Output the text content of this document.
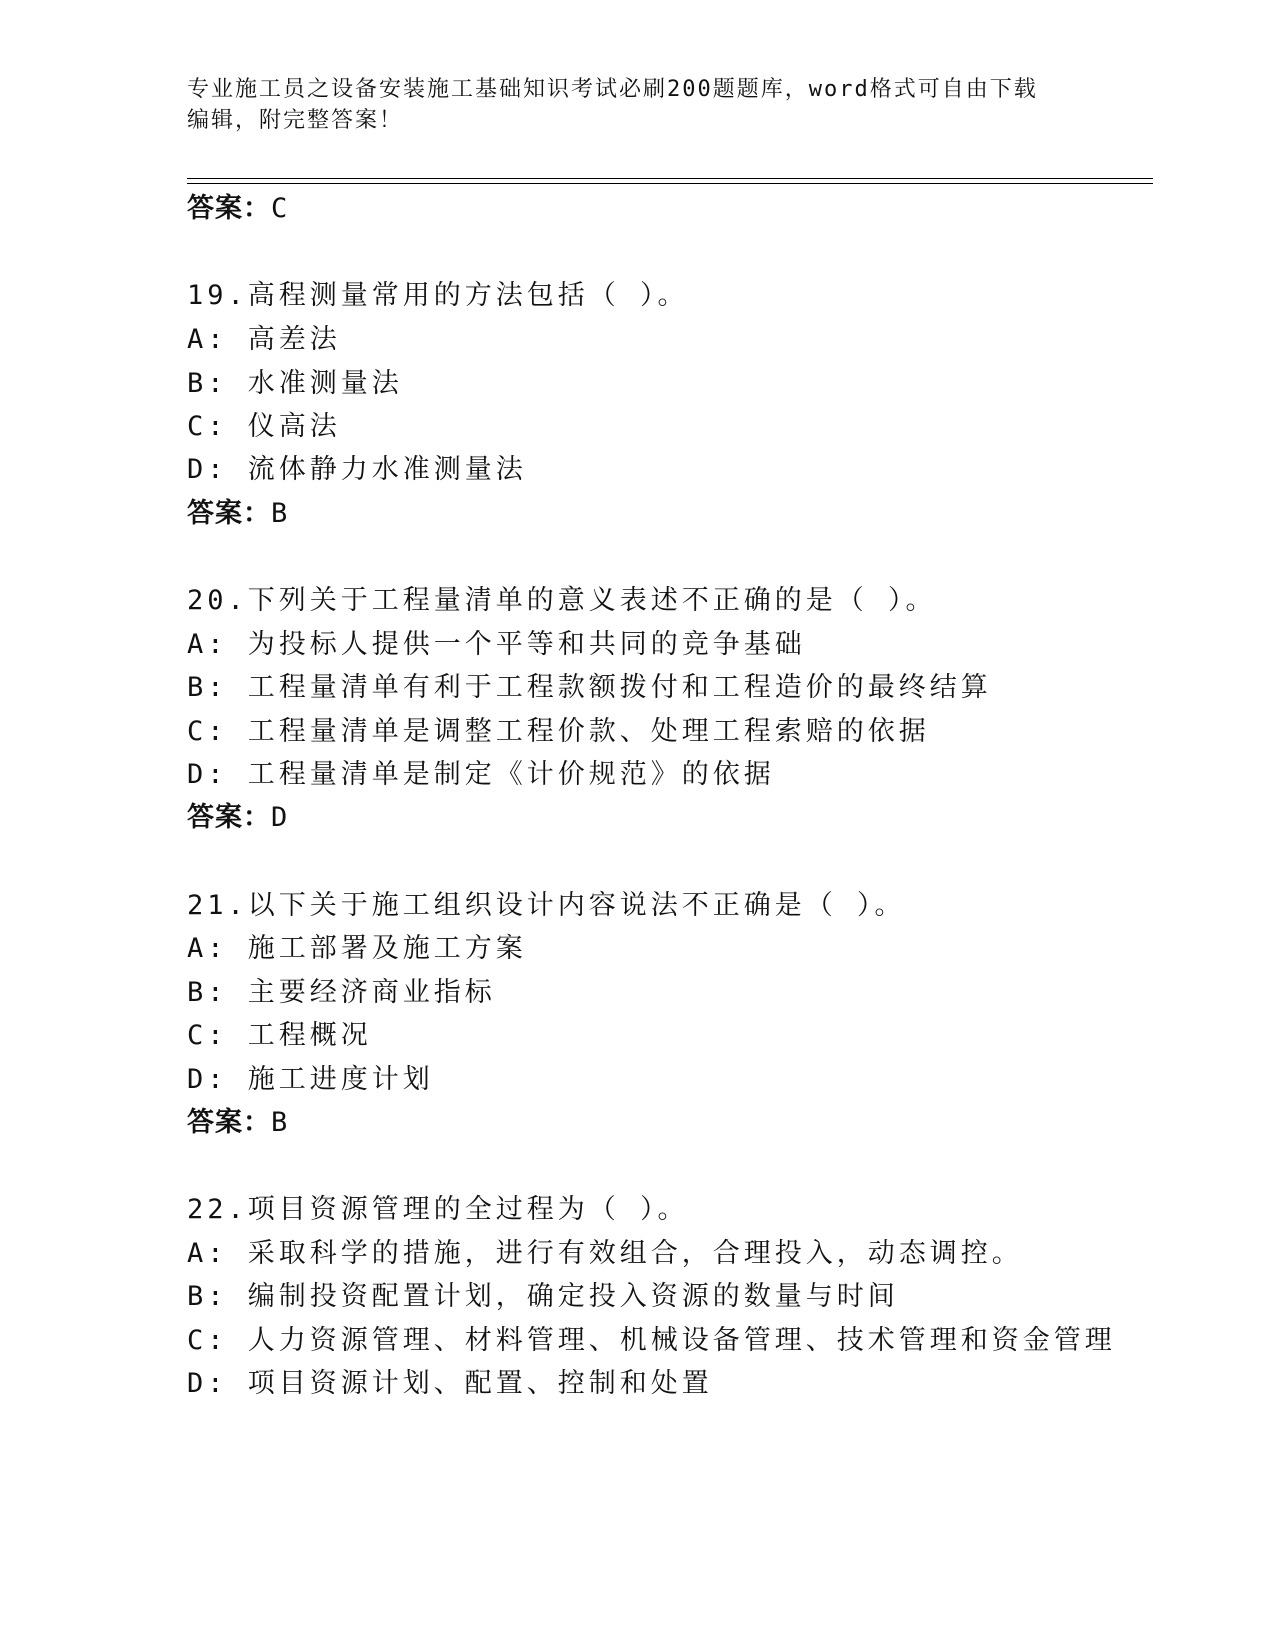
专业施工员之设备安装施工基础知识考试必刷200题题库，word格式可自由下载
编辑，附完整答案！
答案：C
19.高程测量常用的方法包括（ ）。
A: 高差法
B: 水准测量法
C: 仪高法
D: 流体静力水准测量法
答案：B
20.下列关于工程量清单的意义表述不正确的是（ ）。
A: 为投标人提供一个平等和共同的竞争基础
B: 工程量清单有利于工程款额拨付和工程造价的最终结算
C: 工程量清单是调整工程价款、处理工程索赔的依据
D: 工程量清单是制定《计价规范》的依据
答案：D
21.以下关于施工组织设计内容说法不正确是（ ）。
A: 施工部署及施工方案
B: 主要经济商业指标
C: 工程概况
D: 施工进度计划
答案：B
22.项目资源管理的全过程为（ ）。
A: 采取科学的措施，进行有效组合，合理投入，动态调控。
B: 编制投资配置计划，确定投入资源的数量与时间
C: 人力资源管理、材料管理、机械设备管理、技术管理和资金管理
D: 项目资源计划、配置、控制和处置
